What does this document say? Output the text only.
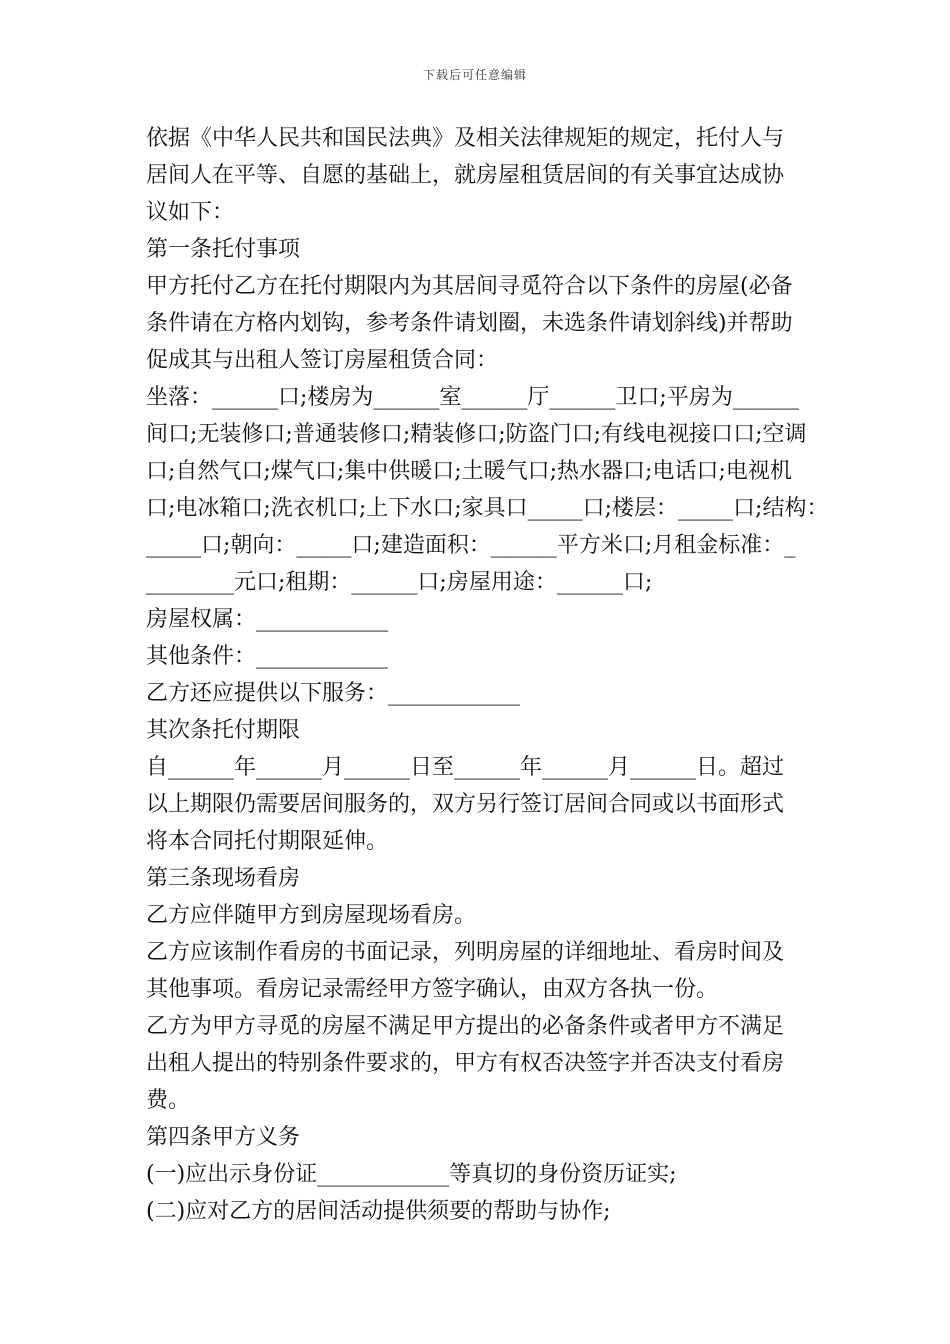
下载后可任意编辑
依据《中华人民共和国民法典》及相关法律规矩的规定，托付人与
居间人在平等、自愿的基础上，就房屋租赁居间的有关事宜达成协
议如下：
第一条托付事项
甲方托付乙方在托付期限内为其居间寻觅符合以下条件的房屋(必备
条件请在方格内划钩，参考条件请划圈，未选条件请划斜线)并帮助
促成其与出租人签订房屋租赁合同：
坐落：______口;楼房为______室______厅______卫口;平房为______
间口;无装修口;普通装修口;精装修口;防盗门口;有线电视接口口;空调
口;自然气口;煤气口;集中供暖口;土暖气口;热水器口;电话口;电视机
口;电冰箱口;洗衣机口;上下水口;家具口_____口;楼层：_____口;结构：
_____口;朝向：_____口;建造面积：______平方米口;月租金标准：_
________元口;租期：______口;房屋用途：______口;
房屋权属：____________
其他条件：____________
乙方还应提供以下服务：____________
其次条托付期限
自______年______月______日至______年______月______日。超过
以上期限仍需要居间服务的，双方另行签订居间合同或以书面形式
将本合同托付期限延伸。
第三条现场看房
乙方应伴随甲方到房屋现场看房。
乙方应该制作看房的书面记录，列明房屋的详细地址、看房时间及
其他事项。看房记录需经甲方签字确认，由双方各执一份。
乙方为甲方寻觅的房屋不满足甲方提出的必备条件或者甲方不满足
出租人提出的特别条件要求的，甲方有权否决签字并否决支付看房
费。
第四条甲方义务
(一)应出示身份证____________等真切的身份资历证实;
(二)应对乙方的居间活动提供须要的帮助与协作;
